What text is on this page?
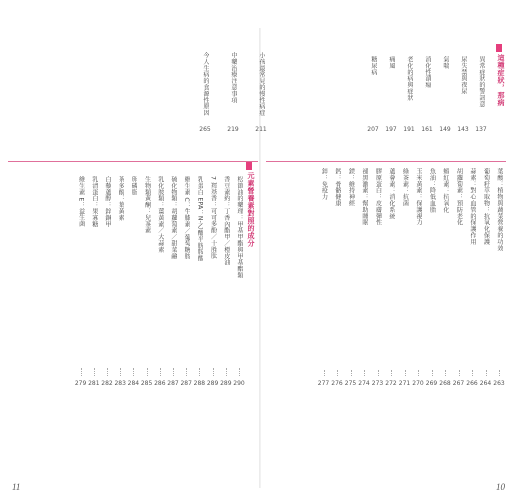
小孩最常見的慢性病症
211
中藥治療注意事項
219
今人生病的食源性原因
265
元素營養素對照的成分
松節油的藥理：甲基甲酯與甲基酯類
290
香豆素約：丁香內酯甲／橙皮油
289
7 羥基香：可可多酚／十胜肽
289
乳蛋白 EPA：N-乙醯半胱胺酸
288
維生素 C：牛膝素／葡萄糖胺
287
硫化物類：胡蘿蔔素／甜菜鹼
287
乳化胺類：薑黃素／大蒜素
286
生物類黃酮：兒茶素
285
卵磷脂
284
茶多酚：葉黃素
283
白藜蘆醇：鋅銅甲
282
乳清蛋白：果寡糖
281
維生素 E：益生菌
279
11
這種症狀，那病
異常症狀的警訊意
137
尿失禁與夜尿
143
氣喘
149
消化性潰瘍
161
老化的病與症狀
191
痛風
197
糖尿病
207
葉酸：植物與蔬菜營養的功效
263
葡萄籽萃取物：抗氧化保護
264
蒜素：對心血管的保護作用
266
胡蘿蔔素：預防老化
267
蝦紅素：抗氧化
268
魚油：降低血脂
269
玉米黃素：保護視力
270
綠茶素：抗菌
271
蘆薈素：消化系統
272
膠原蛋白：皮膚彈性
273
褪黑激素：幫助睡眠
274
鎂：維持神經
275
鈣：骨骼健康
276
鋅：免疫力
277
10
